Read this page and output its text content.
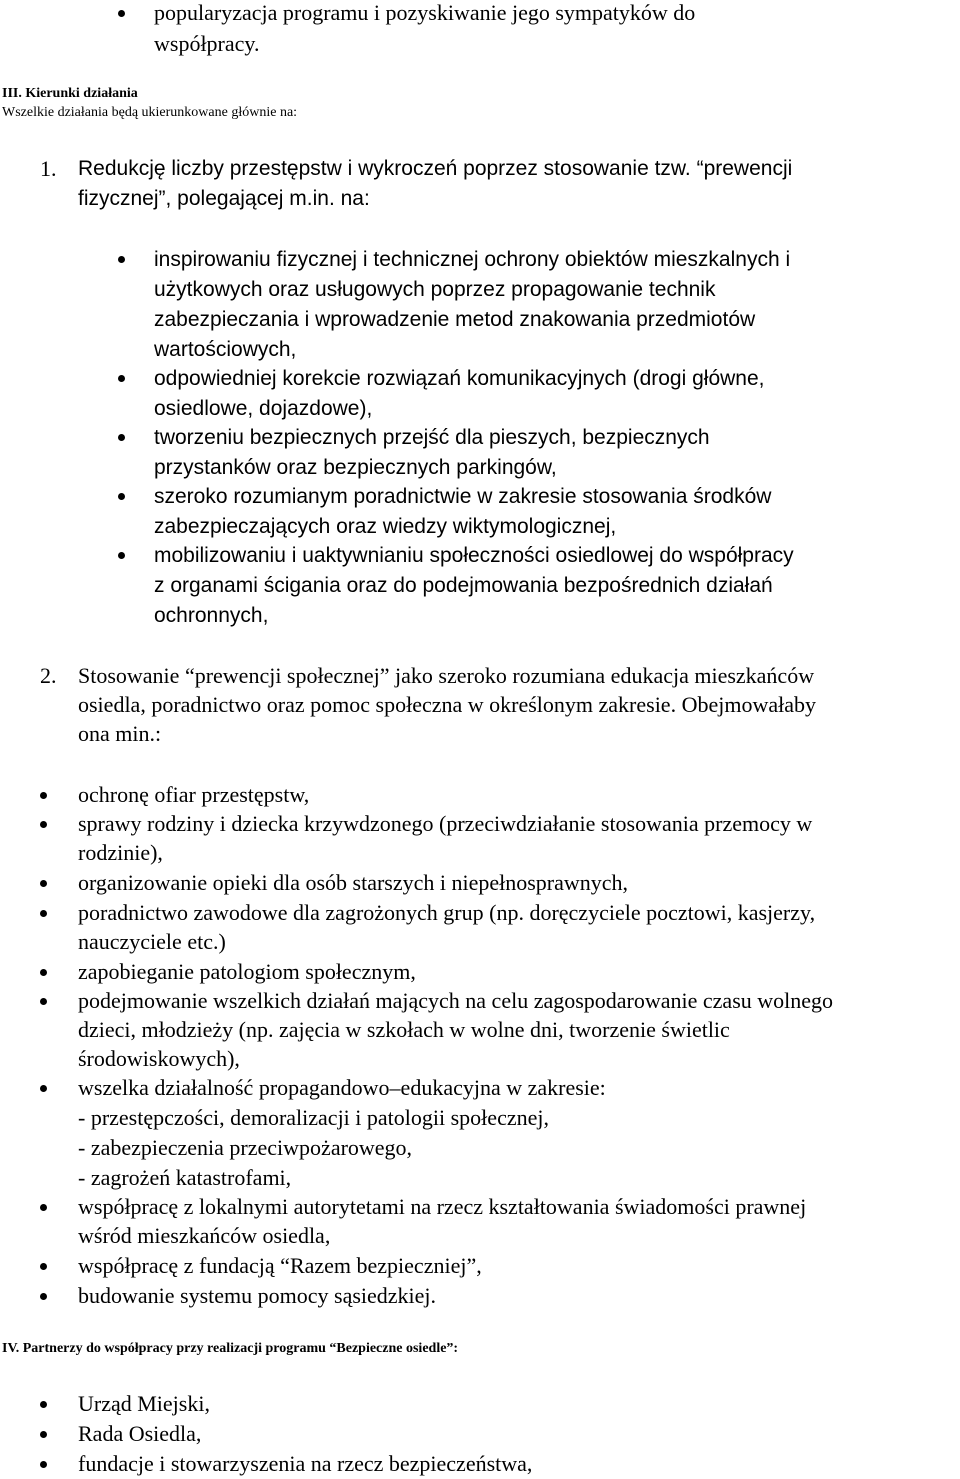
popularyzacja programu i pozyskiwanie jego sympatyków do
współpracy.
III. Kierunki działania
Wszelkie działania będą ukierunkowane głównie na:
1. Redukcję liczby przestępstw i wykroczeń poprzez stosowanie tzw. “prewencji
fizycznej”, polegającej m.in. na:
inspirowaniu fizycznej i technicznej ochrony obiektów mieszkalnych i
użytkowych oraz usługowych poprzez propagowanie technik
zabezpieczania i wprowadzenie metod znakowania przedmiotów
wartościowych,
odpowiedniej korekcie rozwiązań komunikacyjnych (drogi główne,
osiedlowe, dojazdowe),
tworzeniu bezpiecznych przejść dla pieszych, bezpiecznych
przystanków oraz bezpiecznych parkingów,
szeroko rozumianym poradnictwie w zakresie stosowania środków
zabezpieczających oraz wiedzy wiktymologicznej,
mobilizowaniu i uaktywnianiu społeczności osiedlowej do współpracy
z organami ścigania oraz do podejmowania bezpośrednich działań
ochronnych,
2. Stosowanie “prewencji społecznej” jako szeroko rozumiana edukacja mieszkańców
osiedla, poradnictwo oraz pomoc społeczna w określonym zakresie. Obejmowałaby
ona min.:
ochronę ofiar przestępstw,
sprawy rodziny i dziecka krzywdzonego (przeciwdziałanie stosowania przemocy w
rodzinie),
organizowanie opieki dla osób starszych i niepełnosprawnych,
poradnictwo zawodowe dla zagrożonych grup (np. doręczyciele pocztowi, kasjerzy,
nauczyciele etc.)
zapobieganie patologiom społecznym,
podejmowanie wszelkich działań mających na celu zagospodarowanie czasu wolnego
dzieci, młodzieży (np. zajęcia w szkołach w wolne dni, tworzenie świetlic
środowiskowych),
wszelka działalność propagandowo–edukacyjna w zakresie:
- przestępczości, demoralizacji i patologii społecznej,
- zabezpieczenia przeciwpożarowego,
- zagrożeń katastrofami,
współpracę z lokalnymi autorytetami na rzecz kształtowania świadomości prawnej
wśród mieszkańców osiedla,
współpracę z fundacją “Razem bezpieczniej”,
budowanie systemu pomocy sąsiedzkiej.
IV. Partnerzy do współpracy przy realizacji programu “Bezpieczne osiedle”:
Urząd Miejski,
Rada Osiedla,
fundacje i stowarzyszenia na rzecz bezpieczeństwa,
